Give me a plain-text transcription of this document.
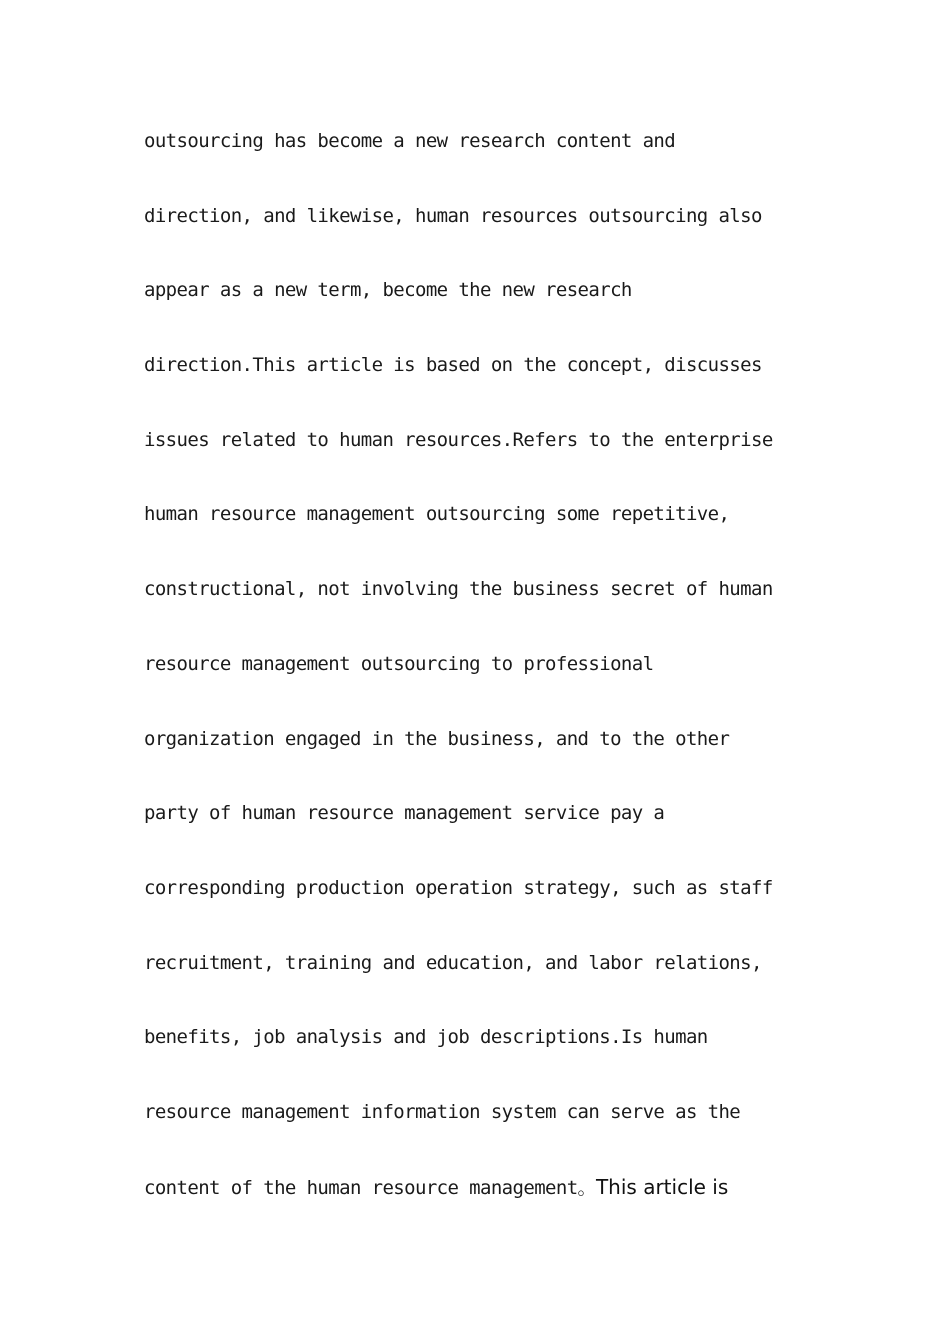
outsourcing has become a new research content and
direction, and likewise, human resources outsourcing also
appear as a new term, become the new research
direction.This article is based on the concept, discusses
issues related to human resources.Refers to the enterprise
human resource management outsourcing some repetitive,
constructional, not involving the business secret of human
resource management outsourcing to professional
organization engaged in the business, and to the other
party of human resource management service pay a
corresponding production operation strategy, such as staff
recruitment, training and education, and labor relations,
benefits, job analysis and job descriptions.Is human
resource management information system can serve as the
content of the human resource management。This article is
